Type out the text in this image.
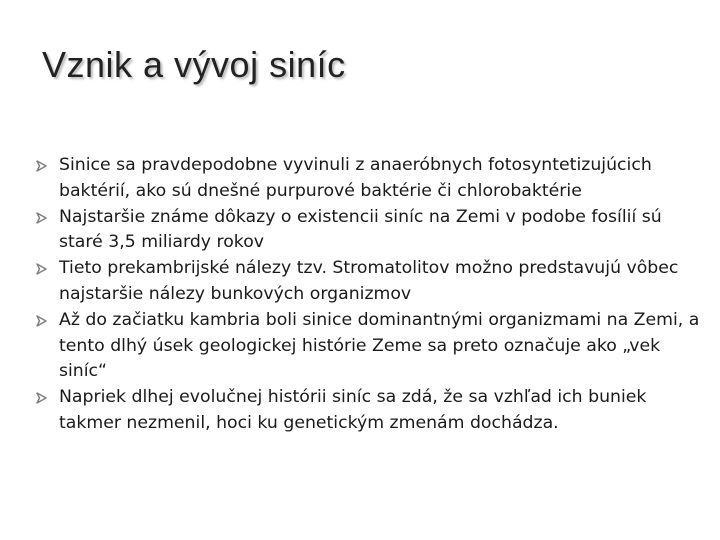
Vznik a vývoj siníc
Sinice sa pravdepodobne vyvinuli z anaeróbnych fotosyntetizujúcich baktérií, ako sú dnešné purpurové baktérie či chlorobaktérie
Najstaršie známe dôkazy o existencii siníc na Zemi v podobe fosílií sú staré 3,5 miliardy rokov
Tieto prekambrijské nálezy tzv. Stromatolitov možno predstavujú vôbec najstaršie nálezy bunkových organizmov
Až do začiatku kambria boli sinice dominantnými organizmami na Zemi, a tento dlhý úsek geologickej histórie Zeme sa preto označuje ako „vek siníc“
Napriek dlhej evolučnej histórii siníc sa zdá, že sa vzhľad ich buniek takmer nezmenil, hoci ku genetickým zmenám dochádza.
